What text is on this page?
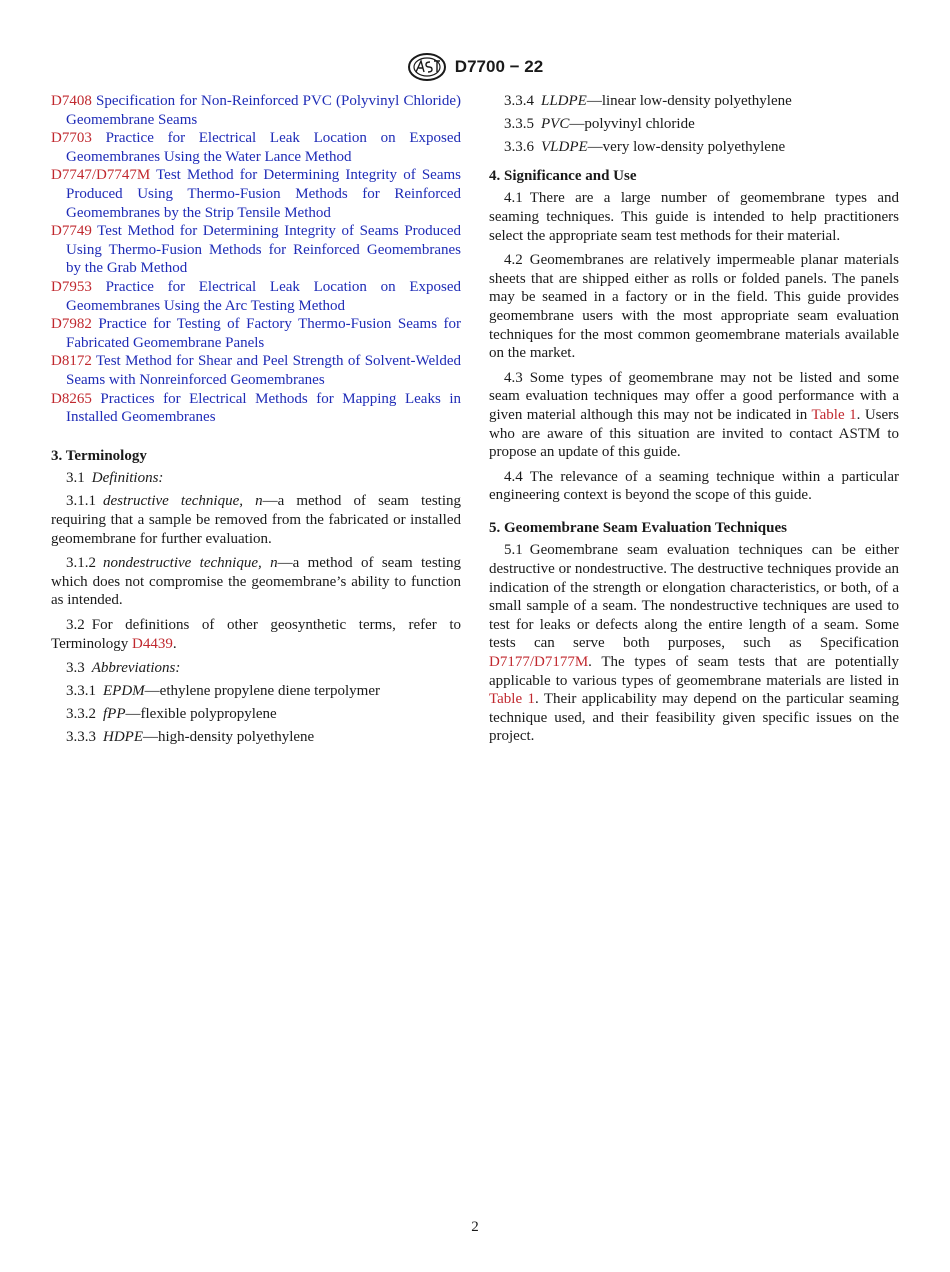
D7700 − 22
D7408 Specification for Non-Reinforced PVC (Polyvinyl Chloride) Geomembrane Seams
D7703 Practice for Electrical Leak Location on Exposed Geomembranes Using the Water Lance Method
D7747/D7747M Test Method for Determining Integrity of Seams Produced Using Thermo-Fusion Methods for Reinforced Geomembranes by the Strip Tensile Method
D7749 Test Method for Determining Integrity of Seams Produced Using Thermo-Fusion Methods for Reinforced Geomembranes by the Grab Method
D7953 Practice for Electrical Leak Location on Exposed Geomembranes Using the Arc Testing Method
D7982 Practice for Testing of Factory Thermo-Fusion Seams for Fabricated Geomembrane Panels
D8172 Test Method for Shear and Peel Strength of Solvent-Welded Seams with Nonreinforced Geomembranes
D8265 Practices for Electrical Methods for Mapping Leaks in Installed Geomembranes
3. Terminology
3.1 Definitions:

3.1.1 destructive technique, n—a method of seam testing requiring that a sample be removed from the fabricated or installed geomembrane for further evaluation.

3.1.2 nondestructive technique, n—a method of seam testing which does not compromise the geomembrane’s ability to function as intended.

3.2 For definitions of other geosynthetic terms, refer to Terminology D4439.

3.3 Abbreviations:
3.3.1 EPDM—ethylene propylene diene terpolymer
3.3.2 fPP—flexible polypropylene
3.3.3 HDPE—high-density polyethylene
3.3.4 LLDPE—linear low-density polyethylene
3.3.5 PVC—polyvinyl chloride
3.3.6 VLDPE—very low-density polyethylene
4. Significance and Use

4.1 There are a large number of geomembrane types and seaming techniques. This guide is intended to help practitioners select the appropriate seam test methods for their material.

4.2 Geomembranes are relatively impermeable planar materials sheets that are shipped either as rolls or folded panels. The panels may be seamed in a factory or in the field. This guide provides geomembrane users with the most appropriate seam evaluation techniques for the most common geomembrane materials available on the market.

4.3 Some types of geomembrane may not be listed and some seam evaluation techniques may offer a good performance with a given material although this may not be indicated in Table 1. Users who are aware of this situation are invited to contact ASTM to propose an update of this guide.

4.4 The relevance of a seaming technique within a particular engineering context is beyond the scope of this guide.

5. Geomembrane Seam Evaluation Techniques

5.1 Geomembrane seam evaluation techniques can be either destructive or nondestructive. The destructive techniques provide an indication of the strength or elongation characteristics, or both, of a small sample of a seam. The nondestructive techniques are used to test for leaks or defects along the entire length of a seam. Some tests can serve both purposes, such as Specification D7177/D7177M. The types of seam tests that are potentially applicable to various types of geomembrane materials are listed in Table 1. Their applicability may depend on the particular seaming technique used, and their feasibility given specific issues on the project.

2
